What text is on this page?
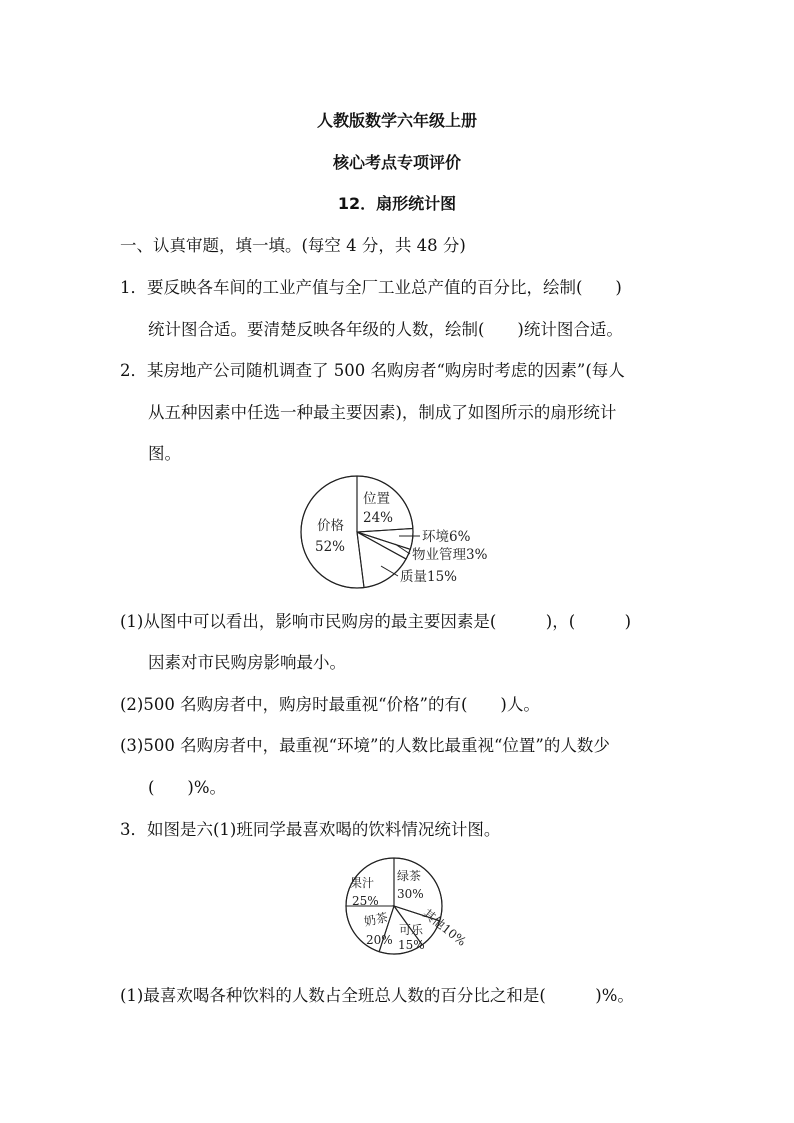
人教版数学六年级上册
核心考点专项评价
12．扇形统计图
一、认真审题，填一填。(每空 4 分，共 48 分)
1．要反映各车间的工业产值与全厂工业总产值的百分比，绘制(　　)
统计图合适。要清楚反映各年级的人数，绘制(　　)统计图合适。
2．某房地产公司随机调查了 500 名购房者“购房时考虑的因素”(每人
从五种因素中任选一种最主要因素)，制成了如图所示的扇形统计
图。
价格
52%
位置
24%
环境6%
物业管理3%
质量15%
(1)从图中可以看出，影响市民购房的最主要因素是(　　　)，(　　　)
因素对市民购房影响最小。
(2)500 名购房者中，购房时最重视“价格”的有(　　)人。
(3)500 名购房者中，最重视“环境”的人数比最重视“位置”的人数少
(　　)%。
3．如图是六(1)班同学最喜欢喝的饮料情况统计图。
果汁
25%
绿茶
30%
奶茶
20%
可乐
15%
其他
10%
(1)最喜欢喝各种饮料的人数占全班总人数的百分比之和是(　　　)%。
